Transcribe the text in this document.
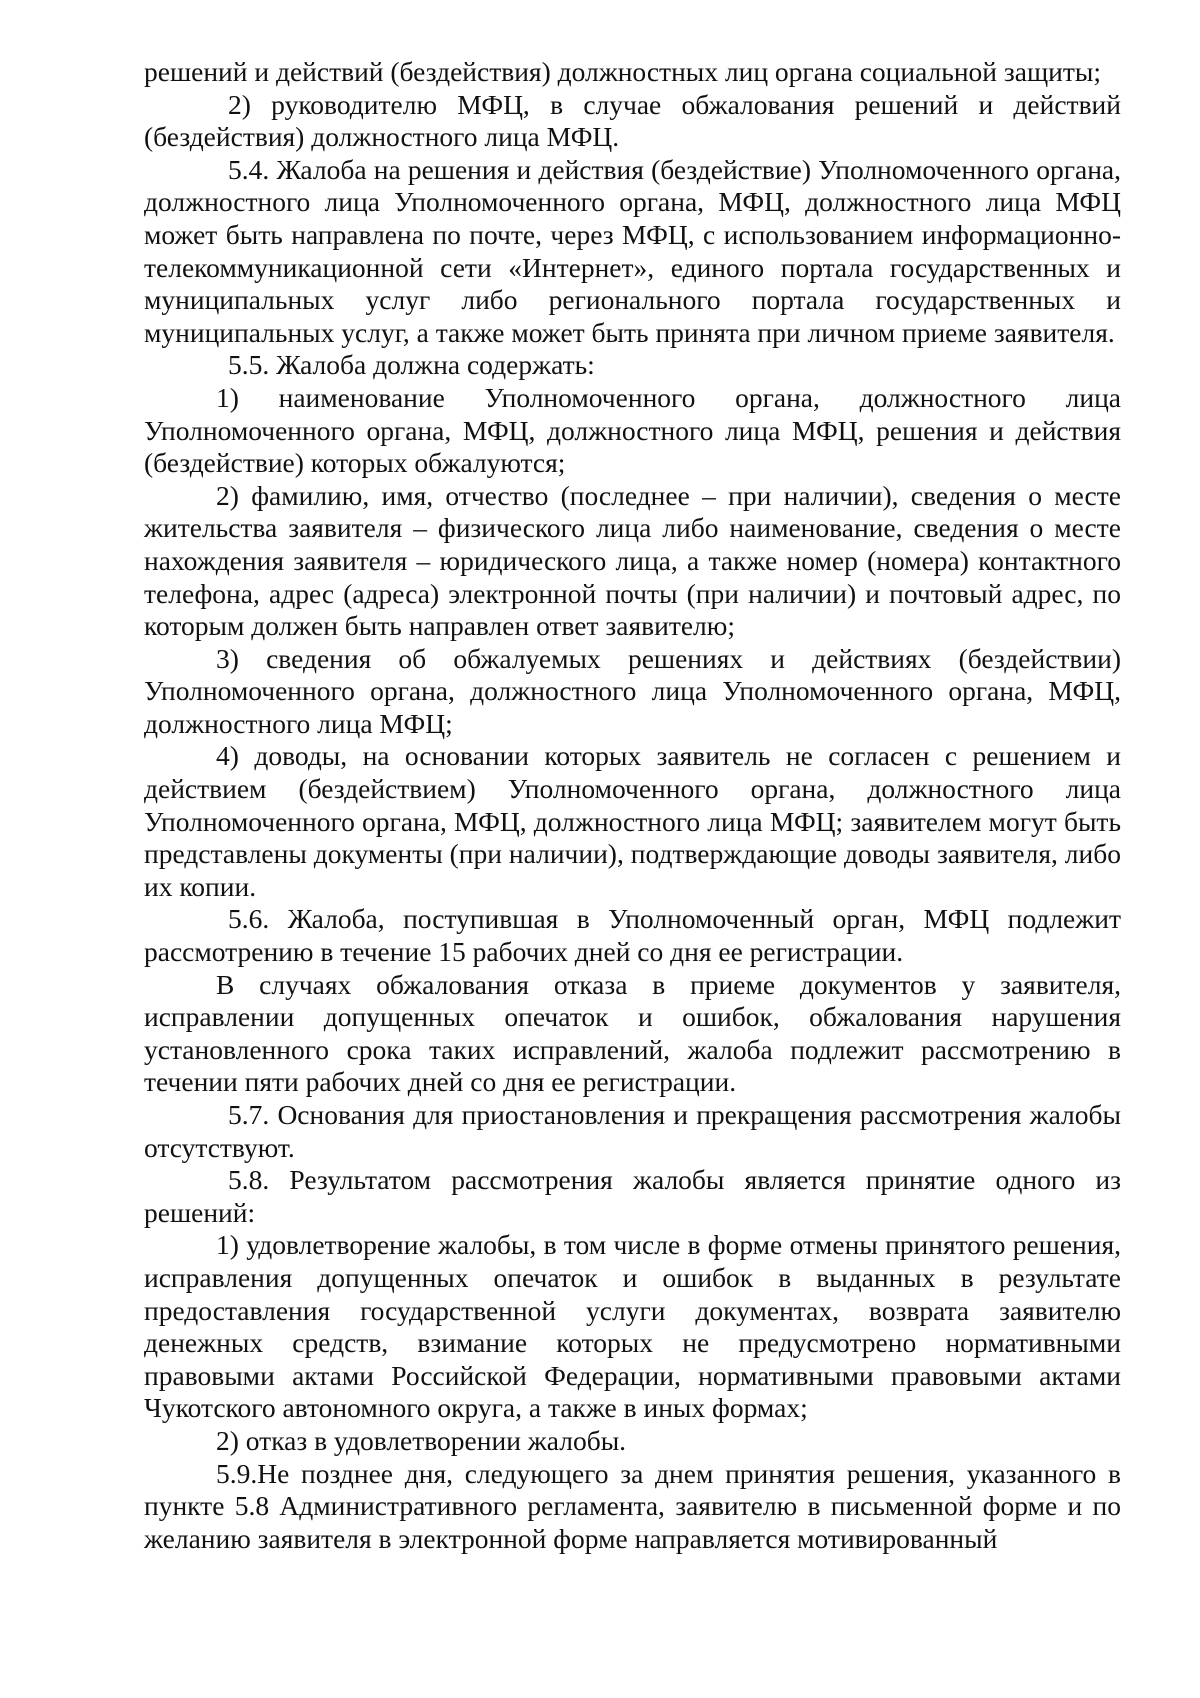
решений и действий (бездействия) должностных лиц органа социальной защиты;

2) руководителю МФЦ, в случае обжалования решений и действий (бездействия) должностного лица МФЦ.

5.4. Жалоба на решения и действия (бездействие) Уполномоченного органа, должностного лица Уполномоченного органа, МФЦ, должностного лица МФЦ может быть направлена по почте, через МФЦ, с использованием информационно-телекоммуникационной сети «Интернет», единого портала государственных и муниципальных услуг либо регионального портала государственных и муниципальных услуг, а также может быть принята при личном приеме заявителя.

5.5. Жалоба должна содержать:

1) наименование Уполномоченного органа, должностного лица Уполномоченного органа, МФЦ, должностного лица МФЦ, решения и действия (бездействие) которых обжалуются;

2) фамилию, имя, отчество (последнее – при наличии), сведения о месте жительства заявителя – физического лица либо наименование, сведения о месте нахождения заявителя – юридического лица, а также номер (номера) контактного телефона, адрес (адреса) электронной почты (при наличии) и почтовый адрес, по которым должен быть направлен ответ заявителю;

3) сведения об обжалуемых решениях и действиях (бездействии) Уполномоченного органа, должностного лица Уполномоченного органа, МФЦ, должностного лица МФЦ;

4) доводы, на основании которых заявитель не согласен с решением и действием (бездействием) Уполномоченного органа, должностного лица Уполномоченного органа, МФЦ, должностного лица МФЦ; заявителем могут быть представлены документы (при наличии), подтверждающие доводы заявителя, либо их копии.

5.6. Жалоба, поступившая в Уполномоченный орган, МФЦ подлежит рассмотрению в течение 15 рабочих дней со дня ее регистрации.

В случаях обжалования отказа в приеме документов у заявителя, исправлении допущенных опечаток и ошибок, обжалования нарушения установленного срока таких исправлений, жалоба подлежит рассмотрению в течении пяти рабочих дней со дня ее регистрации.

5.7. Основания для приостановления и прекращения рассмотрения жалобы отсутствуют.

5.8. Результатом рассмотрения жалобы является принятие одного из решений:

1) удовлетворение жалобы, в том числе в форме отмены принятого решения, исправления допущенных опечаток и ошибок в выданных в результате предоставления государственной услуги документах, возврата заявителю денежных средств, взимание которых не предусмотрено нормативными правовыми актами Российской Федерации, нормативными правовыми актами Чукотского автономного округа, а также в иных формах;

2) отказ в удовлетворении жалобы.

5.9.Не позднее дня, следующего за днем принятия решения, указанного в пункте 5.8 Административного регламента, заявителю в письменной форме и по желанию заявителя в электронной форме направляется мотивированный
